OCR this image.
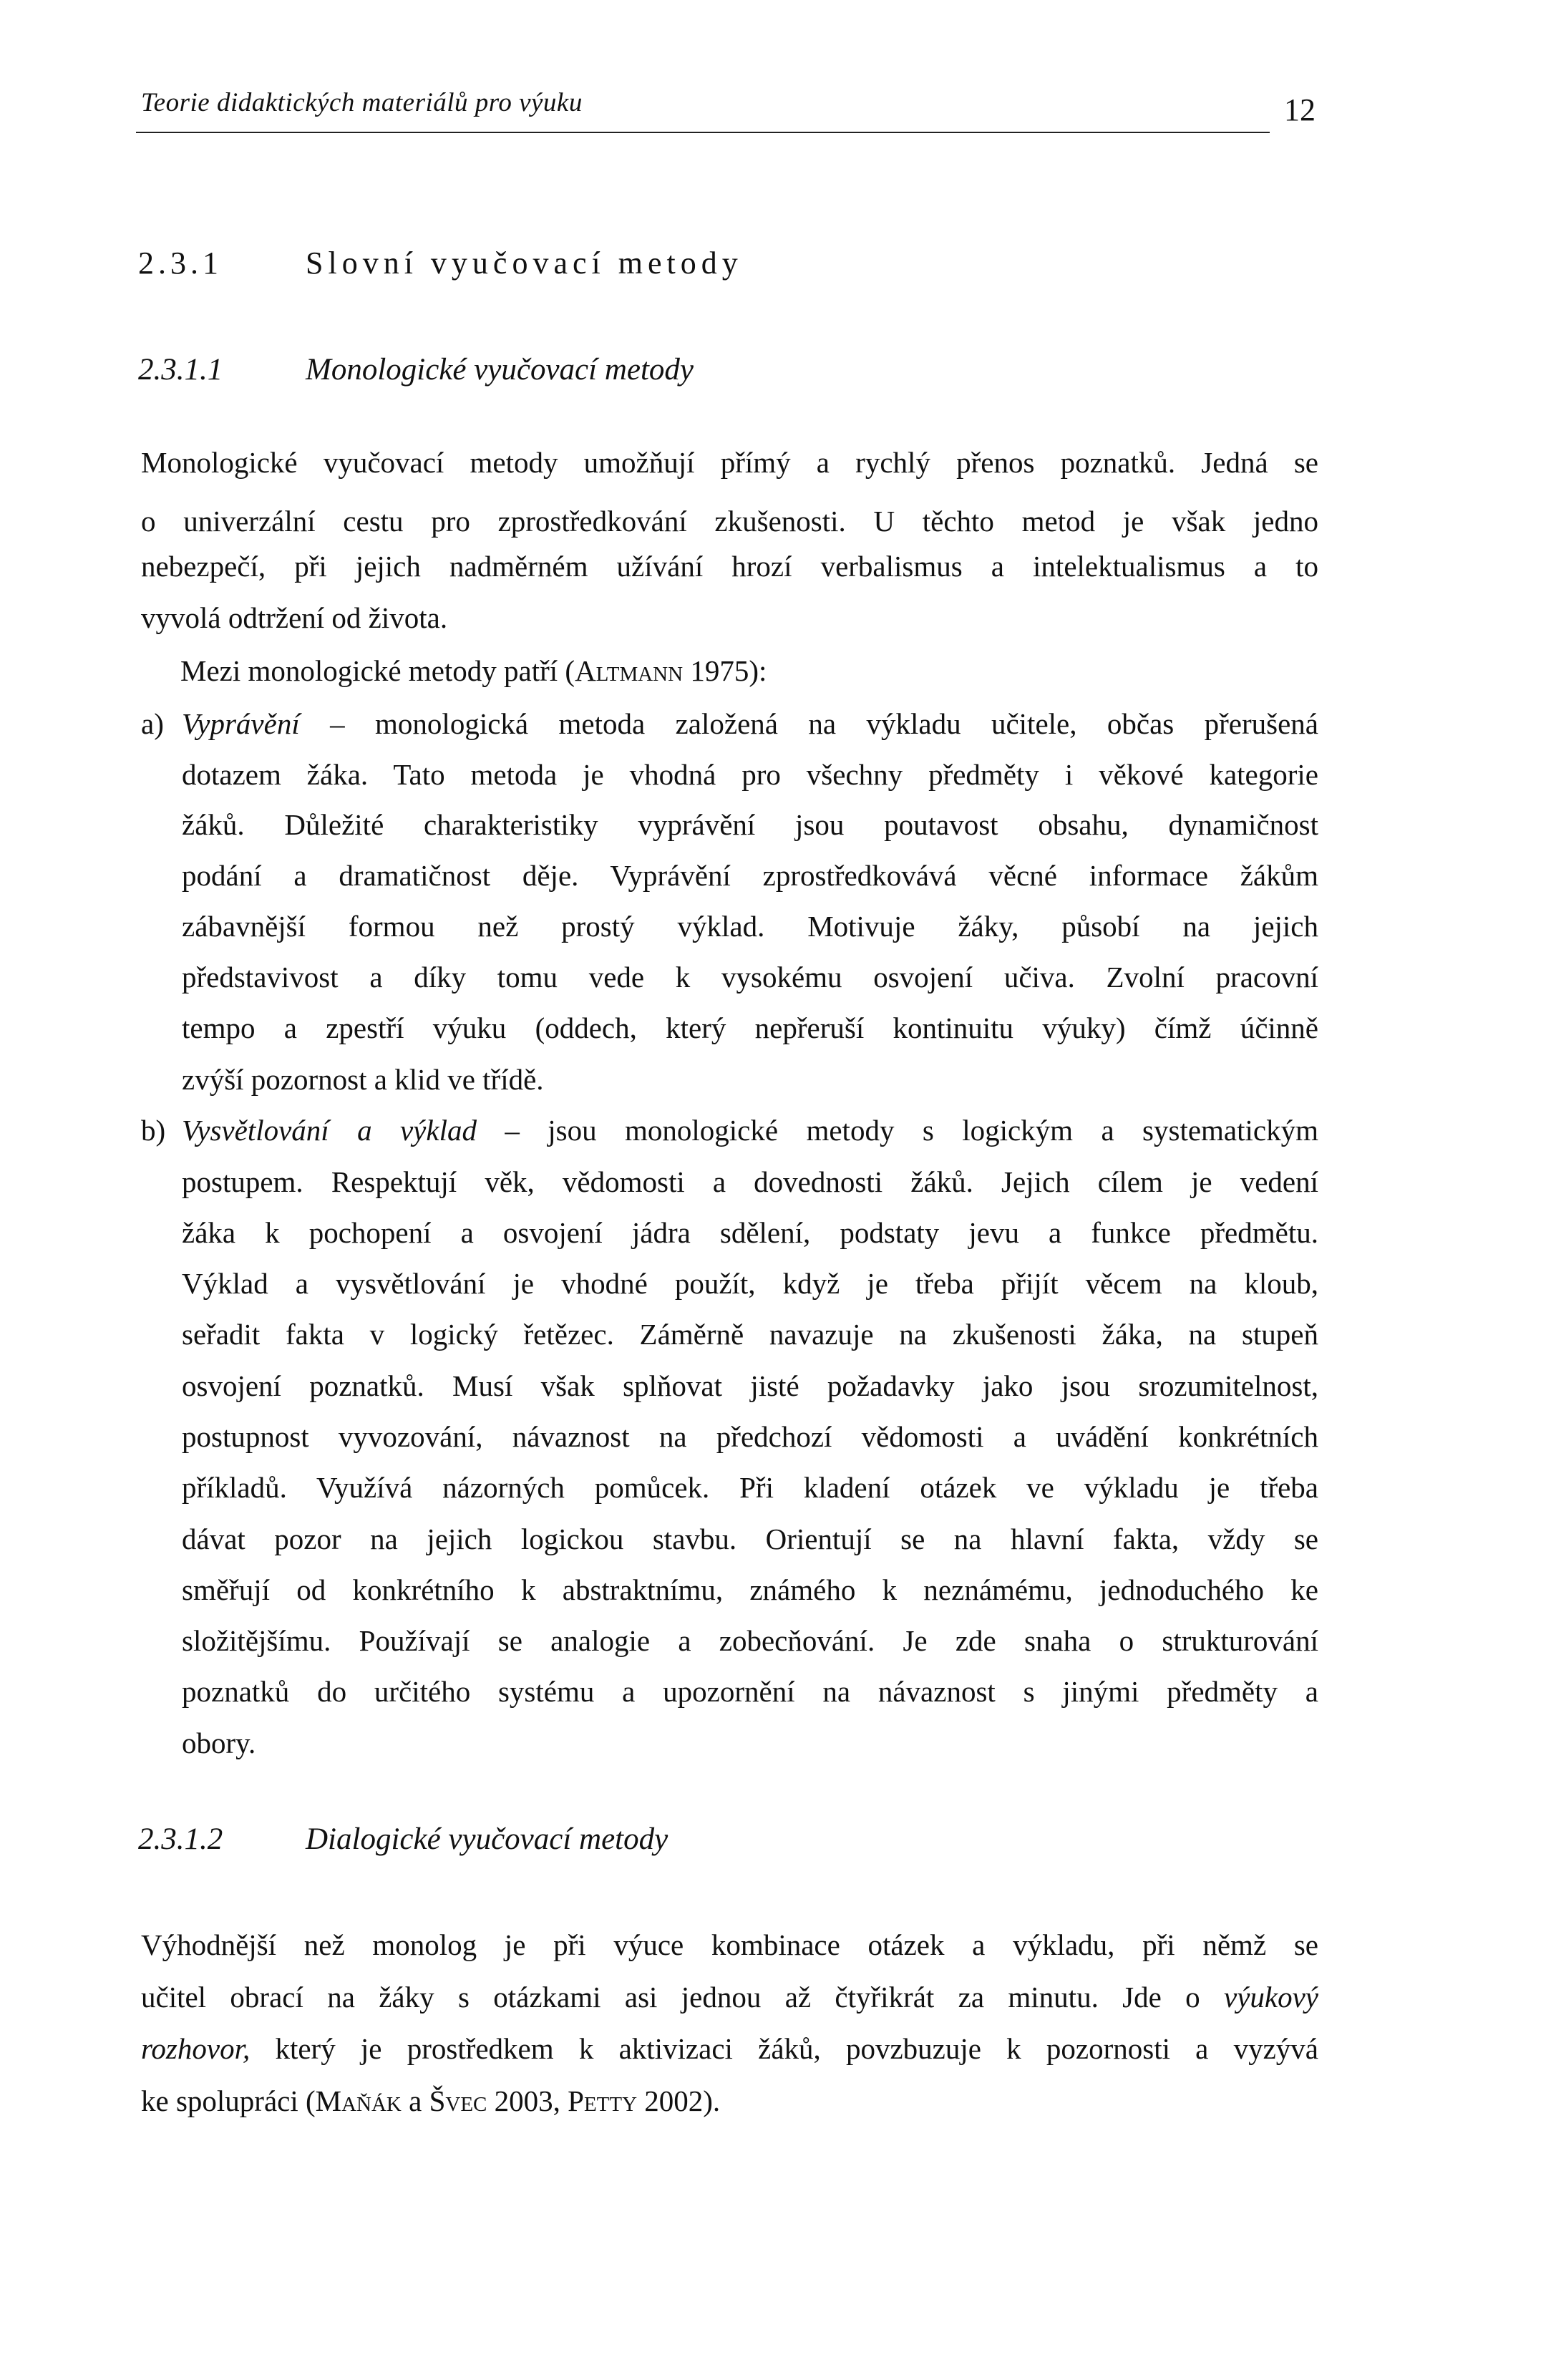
Teorie didaktických materiálů pro výuku	12
2.3.1	Slovní vyučovací metody
2.3.1.1	Monologické vyučovací metody
Monologické vyučovací metody umožňují přímý a rychlý přenos poznatků. Jedná se
o univerzální cestu pro zprostředkování zkušenosti. U těchto metod je však jedno
nebezpečí, při jejich nadměrném užívání hrozí verbalismus a intelektualismus a to
vyvolá odtržení od života.
Mezi monologické metody patří (Altmann 1975):
a) Vyprávění – monologická metoda založená na výkladu učitele, občas přerušená
dotazem žáka. Tato metoda je vhodná pro všechny předměty i věkové kategorie
žáků. Důležité charakteristiky vyprávění jsou poutavost obsahu, dynamičnost
podání a dramatičnost děje. Vyprávění zprostředkovává věcné informace žákům
zábavnější formou než prostý výklad. Motivuje žáky, působí na jejich
představivost a díky tomu vede k vysokému osvojení učiva. Zvolní pracovní
tempo a zpestří výuku (oddech, který nepřeruší kontinuitu výuky) čímž účinně
zvýší pozornost a klid ve třídě.
b) Vysvětlování a výklad – jsou monologické metody s logickým a systematickým
postupem. Respektují věk, vědomosti a dovednosti žáků. Jejich cílem je vedení
žáka k pochopení a osvojení jádra sdělení, podstaty jevu a funkce předmětu.
Výklad a vysvětlování je vhodné použít, když je třeba přijít věcem na kloub,
seřadit fakta v logický řetězec. Záměrně navazuje na zkušenosti žáka, na stupeň
osvojení poznatků. Musí však splňovat jisté požadavky jako jsou srozumitelnost,
postupnost vyvozování, návaznost na předchozí vědomosti a uvádění konkrétních
příkladů. Využívá názorných pomůcek. Při kladení otázek ve výkladu je třeba
dávat pozor na jejich logickou stavbu. Orientují se na hlavní fakta, vždy se
směřují od konkrétního k abstraktnímu, známého k neznámému, jednoduchého ke
složitějšímu. Používají se analogie a zobecňování. Je zde snaha o strukturování
poznatků do určitého systému a upozornění na návaznost s jinými předměty a
obory.
2.3.1.2	Dialogické vyučovací metody
Výhodnější než monolog je při výuce kombinace otázek a výkladu, při němž se
učitel obrací na žáky s otázkami asi jednou až čtyřikrát za minutu. Jde o výukový
rozhovor, který je prostředkem k aktivizaci žáků, povzbuzuje k pozornosti a vyzývá
ke spolupráci (Maňák a Švec 2003, Petty 2002).
